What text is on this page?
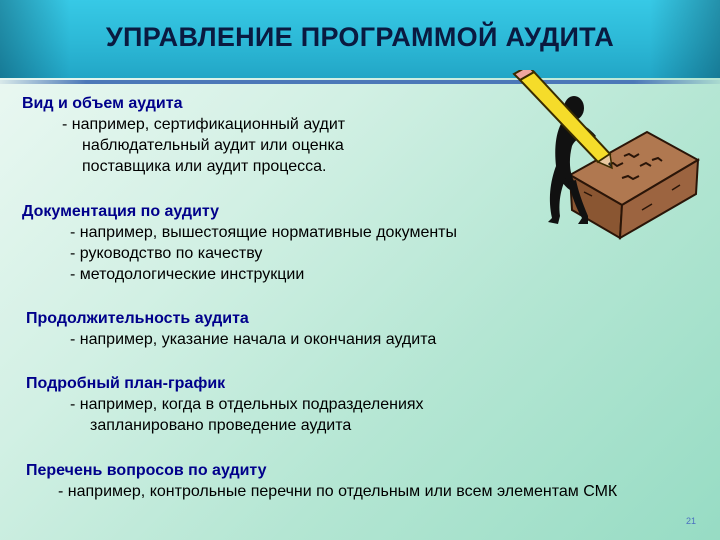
УПРАВЛЕНИЕ ПРОГРАММОЙ АУДИТА
Вид и объем аудита
- например, сертификационный аудит
наблюдательный аудит или оценка
поставщика или аудит процесса.
Документация по аудиту
- например, вышестоящие нормативные документы
- руководство по качеству
- методологические инструкции
Продолжительность аудита
- например, указание начала и окончания аудита
Подробный план-график
- например, когда в отдельных подразделениях
запланировано проведение аудита
Перечень вопросов по аудиту
- например, контрольные перечни по отдельным или всем элементам СМК
21
